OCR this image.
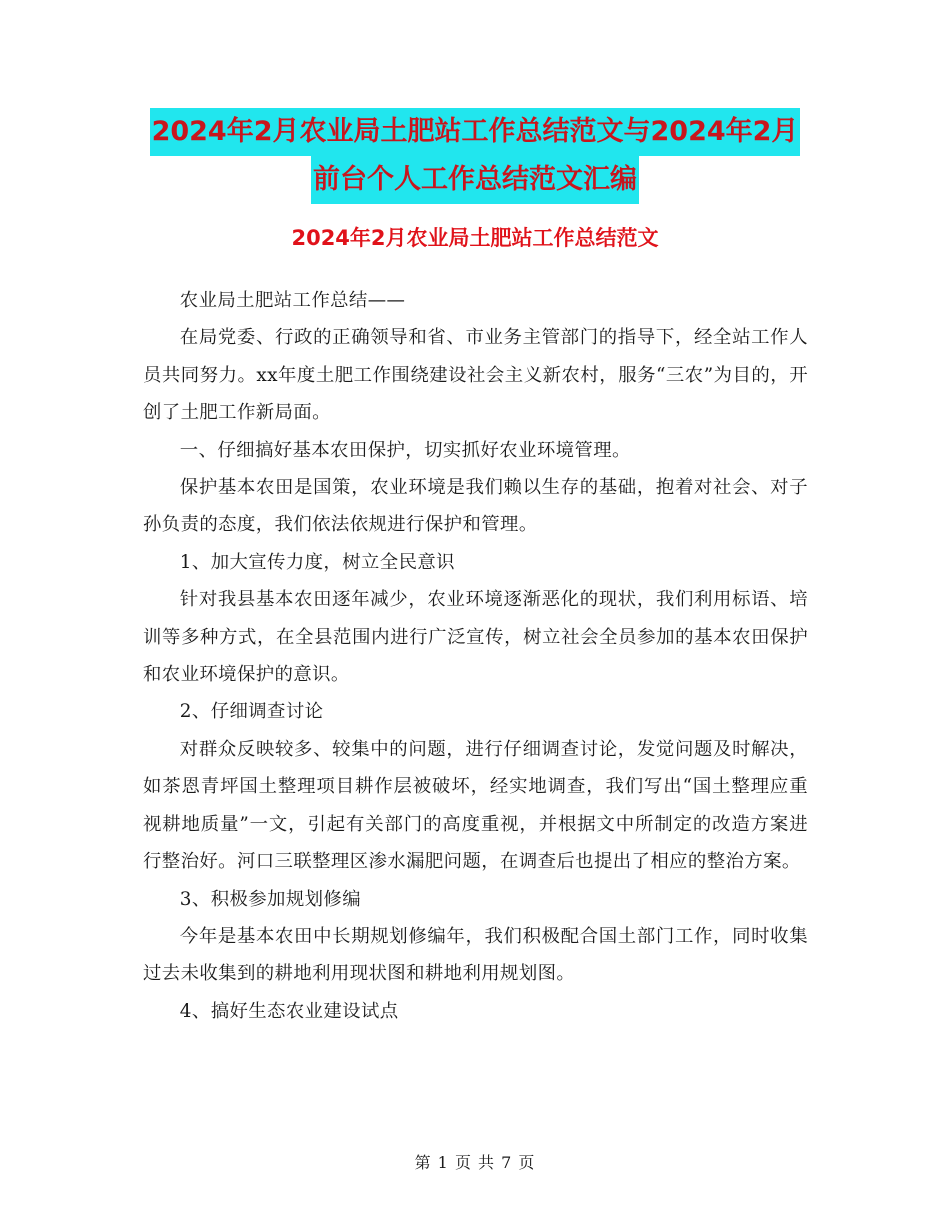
2024年2月农业局土肥站工作总结范文与2024年2月
前台个人工作总结范文汇编
2024年2月农业局土肥站工作总结范文

农业局土肥站工作总结——

在局党委、行政的正确领导和省、市业务主管部门的指导下，经全站工作人员共同努力。xx年度土肥工作围绕建设社会主义新农村，服务“三农”为目的，开创了土肥工作新局面。

一、仔细搞好基本农田保护，切实抓好农业环境管理。

保护基本农田是国策，农业环境是我们赖以生存的基础，抱着对社会、对子孙负责的态度，我们依法依规进行保护和管理。

1、加大宣传力度，树立全民意识

针对我县基本农田逐年减少，农业环境逐渐恶化的现状，我们利用标语、培训等多种方式，在全县范围内进行广泛宣传，树立社会全员参加的基本农田保护和农业环境保护的意识。

2、仔细调查讨论

对群众反映较多、较集中的问题，进行仔细调查讨论，发觉问题及时解决，如茶恩青坪国土整理项目耕作层被破坏，经实地调查，我们写出“国土整理应重视耕地质量”一文，引起有关部门的高度重视，并根据文中所制定的改造方案进行整治好。河口三联整理区渗水漏肥问题，在调查后也提出了相应的整治方案。

3、积极参加规划修编

今年是基本农田中长期规划修编年，我们积极配合国土部门工作，同时收集过去未收集到的耕地利用现状图和耕地利用规划图。

4、搞好生态农业建设试点

第 1 页 共 7 页
